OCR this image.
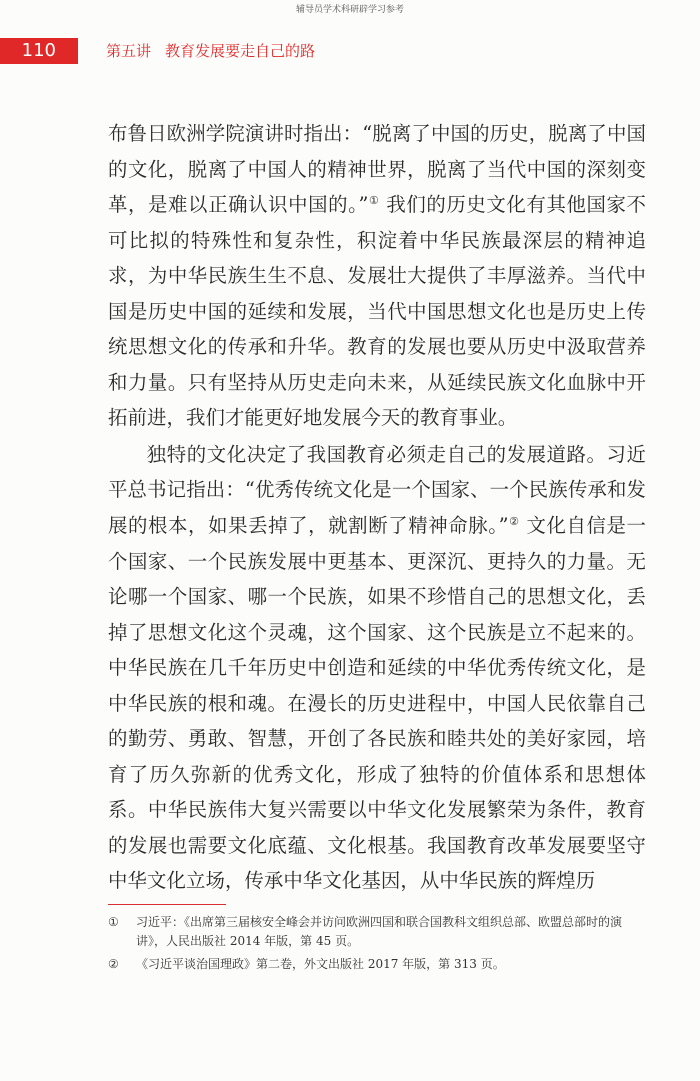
辅导员学术科研辟学习参考
110	第五讲 教育发展要走自己的路

布鲁日欧洲学院演讲时指出：“脱离了中国的历史，脱离了中国的文化，脱离了中国人的精神世界，脱离了当代中国的深刻变革，是难以正确认识中国的。”① 我们的历史文化有其他国家不可比拟的特殊性和复杂性，积淀着中华民族最深层的精神追求，为中华民族生生不息、发展壮大提供了丰厚滋养。当代中国是历史中国的延续和发展，当代中国思想文化也是历史上传统思想文化的传承和升华。教育的发展也要从历史中汲取营养和力量。只有坚持从历史走向未来，从延续民族文化血脉中开拓前进，我们才能更好地发展今天的教育事业。

独特的文化决定了我国教育必须走自己的发展道路。习近平总书记指出：“优秀传统文化是一个国家、一个民族传承和发展的根本，如果丢掉了，就割断了精神命脉。”② 文化自信是一个国家、一个民族发展中更基本、更深沉、更持久的力量。无论哪一个国家、哪一个民族，如果不珍惜自己的思想文化，丢掉了思想文化这个灵魂，这个国家、这个民族是立不起来的。中华民族在几千年历史中创造和延续的中华优秀传统文化，是中华民族的根和魂。在漫长的历史进程中，中国人民依靠自己的勤劳、勇敢、智慧，开创了各民族和睦共处的美好家园，培育了历久弥新的优秀文化，形成了独特的价值体系和思想体系。中华民族伟大复兴需要以中华文化发展繁荣为条件，教育的发展也需要文化底蕴、文化根基。我国教育改革发展要坚守中华文化立场，传承中华文化基因，从中华民族的辉煌历

① 习近平：《出席第三届核安全峰会并访问欧洲四国和联合国教科文组织总部、欧盟总部时的演讲》，人民出版社 2014 年版，第 45 页。
② 《习近平谈治国理政》第二卷，外文出版社 2017 年版，第 313 页。
